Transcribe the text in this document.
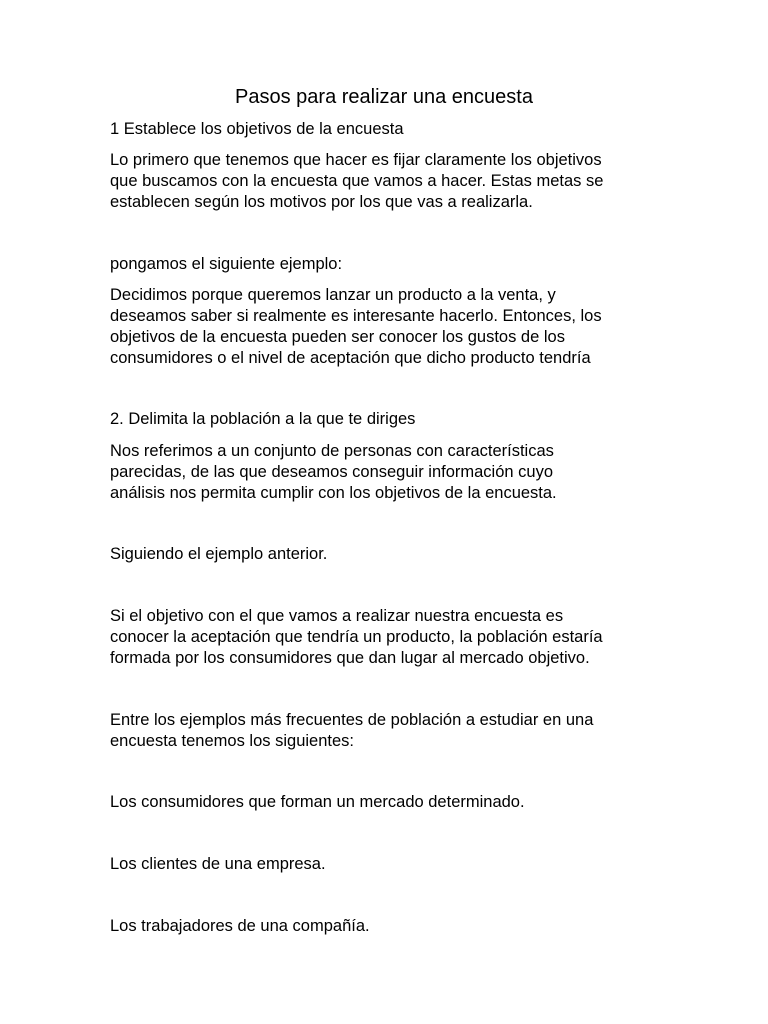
Pasos para realizar una encuesta
1 Establece los objetivos de la encuesta
Lo primero que tenemos que hacer es fijar claramente los objetivos
que buscamos con la encuesta que vamos a hacer. Estas metas se
establecen según los motivos por los que vas a realizarla.
pongamos el siguiente ejemplo:
Decidimos porque queremos lanzar un producto a la venta, y
deseamos saber si realmente es interesante hacerlo. Entonces, los
objetivos de la encuesta pueden ser conocer los gustos de los
consumidores o el nivel de aceptación que dicho producto tendría
2. Delimita la población a la que te diriges
Nos referimos a un conjunto de personas con características
parecidas, de las que deseamos conseguir información cuyo
análisis nos permita cumplir con los objetivos de la encuesta.
Siguiendo el ejemplo anterior.
Si el objetivo con el que vamos a realizar nuestra encuesta es
conocer la aceptación que tendría un producto, la población estaría
formada por los consumidores que dan lugar al mercado objetivo.
Entre los ejemplos más frecuentes de población a estudiar en una
encuesta tenemos los siguientes:
Los consumidores que forman un mercado determinado.
Los clientes de una empresa.
Los trabajadores de una compañía.
